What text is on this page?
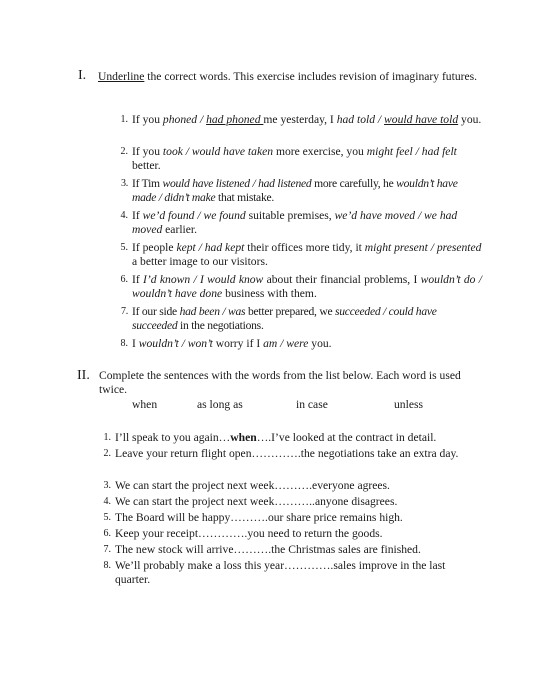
I. Underline the correct words. This exercise includes revision of imaginary futures.
1. If you phoned / had phoned me yesterday, I had told / would have told you.
2. If you took / would have taken more exercise, you might feel / had felt better.
3. If Tim would have listened / had listened more carefully, he wouldn’t have made / didn’t make that mistake.
4. If we’d found / we found suitable premises, we’d have moved / we had moved earlier.
5. If people kept / had kept their offices more tidy, it might present / presented a better image to our visitors.
6. If I’d known / I would know about their financial problems, I wouldn’t do / wouldn’t have done business with them.
7. If our side had been / was better prepared, we succeeded / could have succeeded in the negotiations.
8. I wouldn’t / won’t worry if I am / were you.
II. Complete the sentences with the words from the list below. Each word is used twice.
when	as long as	in case	unless
1. I’ll speak to you again…when….I’ve looked at the contract in detail.
2. Leave your return flight open………….the negotiations take an extra day.
3. We can start the project next week……….everyone agrees.
4. We can start the project next week………..anyone disagrees.
5. The Board will be happy……….our share price remains high.
6. Keep your receipt………….you need to return the goods.
7. The new stock will arrive……….the Christmas sales are finished.
8. We’ll probably make a loss this year………….sales improve in the last quarter.
